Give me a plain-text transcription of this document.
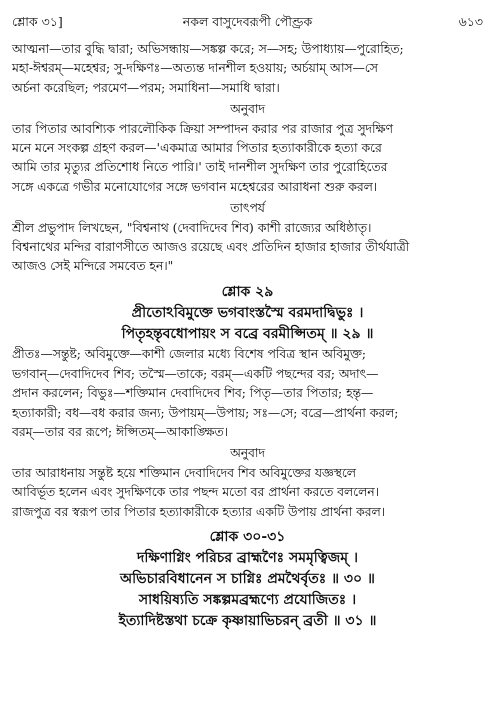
শ্লোক ৩১]	নকল বাসুদেবরূপী পৌণ্ড্রক	৬১৩
আত্মনা—তার বুদ্ধি দ্বারা; অভিসন্ধায়—সঙ্কল্প করে; স—সহ; উপাধ্যায়—পুরোহিত;
মহা-ঈশ্বরম্—মহেশ্বর; সু-দক্ষিণঃ—অত্যন্ত দানশীল হওয়ায়; অর্চয়াম্ আস—সে
অর্চনা করেছিল; পরমেণ—পরম; সমাধিনা—সমাধি দ্বারা।
অনুবাদ
তার পিতার আবশ্যিক পারলৌকিক ক্রিয়া সম্পাদন করার পর রাজার পুত্র সুদক্ষিণ
মনে মনে সংকল্প গ্রহণ করল—'একমাত্র আমার পিতার হত্যাকারীকে হত্যা করে
আমি তার মৃত্যুর প্রতিশোধ নিতে পারি।' তাই দানশীল সুদক্ষিণ তার পুরোহিতের
সঙ্গে একত্রে গভীর মনোযোগের সঙ্গে ভগবান মহেশ্বরের আরাধনা শুরু করল।
তাৎপর্য
শ্রীল প্রভুপাদ লিখছেন, "বিশ্বনাথ (দেবাদিদেব শিব) কাশী রাজ্যের অধিষ্ঠাতৃ।
বিশ্বনাথের মন্দির বারাণসীতে আজও রয়েছে এবং প্রতিদিন হাজার হাজার তীর্থযাত্রী
আজও সেই মন্দিরে সমবেত হন।"
শ্লোক ২৯
প্রীতোঽবিমুক্তে ভগবাংস্তস্মৈ বরমদাদ্বিভুঃ ।
পিতৃহন্তৃবধোপায়ং স বব্রে বরমীপ্সিতম্ ॥ ২৯ ॥
প্রীতঃ—সন্তুষ্ট; অবিমুক্তে—কাশী জেলার মধ্যে বিশেষ পবিত্র স্থান অবিমুক্ত;
ভগবান্—দেবাদিদেব শিব; তস্মৈ—তাকে; বরম্—একটি পছন্দের বর; অদাৎ—
প্রদান করলেন; বিভুঃ—শক্তিমান দেবাদিদেব শিব; পিতৃ—তার পিতার; হন্তৃ—
হত্যাকারী; বধ—বধ করার জন্য; উপায়ম্—উপায়; সঃ—সে; বব্রে—প্রার্থনা করল;
বরম্—তার বর রূপে; ঈপ্সিতম্—আকাঙ্ক্ষিত।
অনুবাদ
তার আরাধনায় সন্তুষ্ট হয়ে শক্তিমান দেবাদিদেব শিব অবিমুক্তের যজ্ঞস্থলে
আবির্ভূত হলেন এবং সুদক্ষিণকে তার পছন্দ মতো বর প্রার্থনা করতে বললেন।
রাজপুত্র বর স্বরূপ তার পিতার হত্যাকারীকে হত্যার একটি উপায় প্রার্থনা করল।
শ্লোক ৩০-৩১
দক্ষিণাগ্নিং পরিচর ব্রাহ্মণৈঃ সমমৃত্বিজম্ ।
অভিচারবিধানেন স চাগ্নিঃ প্রমথৈর্বৃতঃ ॥ ৩০ ॥
সাধয়িষ্যতি সঙ্কল্পমব্রহ্মণ্যে প্রযোজিতঃ ।
ইত্যাদিষ্টস্তথা চক্রে কৃষ্ণায়াভিচরন্ ব্রতী ॥ ৩১ ॥
